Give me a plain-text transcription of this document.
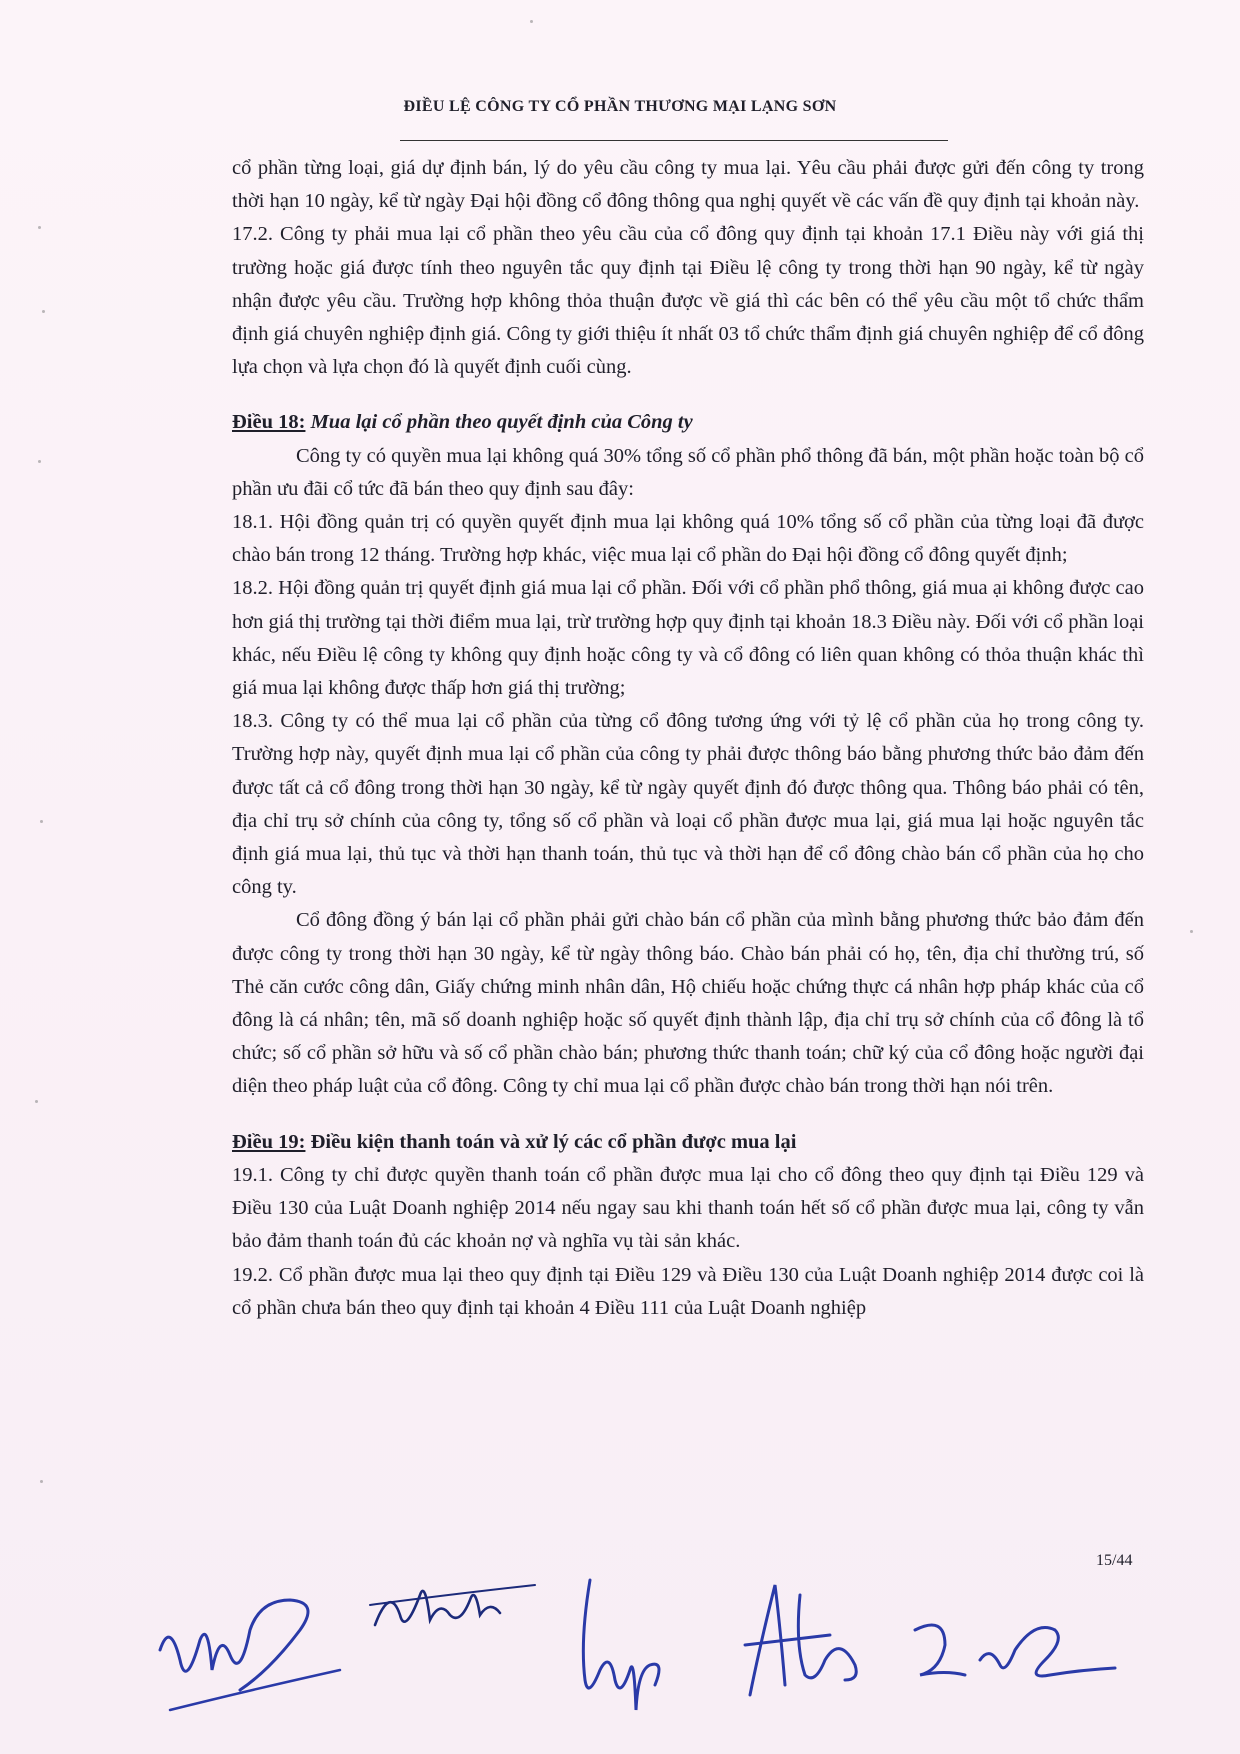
ĐIỀU LỆ CÔNG TY CỔ PHẦN THƯƠNG MẠI LẠNG SƠN

cổ phần từng loại, giá dự định bán, lý do yêu cầu công ty mua lại. Yêu cầu phải được gửi đến công ty trong thời hạn 10 ngày, kể từ ngày Đại hội đồng cổ đông thông qua nghị quyết về các vấn đề quy định tại khoản này.

17.2. Công ty phải mua lại cổ phần theo yêu cầu của cổ đông quy định tại khoản 17.1 Điều này với giá thị trường hoặc giá được tính theo nguyên tắc quy định tại Điều lệ công ty trong thời hạn 90 ngày, kể từ ngày nhận được yêu cầu. Trường hợp không thỏa thuận được về giá thì các bên có thể yêu cầu một tổ chức thẩm định giá chuyên nghiệp định giá. Công ty giới thiệu ít nhất 03 tổ chức thẩm định giá chuyên nghiệp để cổ đông lựa chọn và lựa chọn đó là quyết định cuối cùng.

Điều 18: Mua lại cổ phần theo quyết định của Công ty

Công ty có quyền mua lại không quá 30% tổng số cổ phần phổ thông đã bán, một phần hoặc toàn bộ cổ phần ưu đãi cổ tức đã bán theo quy định sau đây:

18.1. Hội đồng quản trị có quyền quyết định mua lại không quá 10% tổng số cổ phần của từng loại đã được chào bán trong 12 tháng. Trường hợp khác, việc mua lại cổ phần do Đại hội đồng cổ đông quyết định;

18.2. Hội đồng quản trị quyết định giá mua lại cổ phần. Đối với cổ phần phổ thông, giá mua ại không được cao hơn giá thị trường tại thời điểm mua lại, trừ trường hợp quy định tại khoản 18.3 Điều này. Đối với cổ phần loại khác, nếu Điều lệ công ty không quy định hoặc công ty và cổ đông có liên quan không có thỏa thuận khác thì giá mua lại không được thấp hơn giá thị trường;

18.3. Công ty có thể mua lại cổ phần của từng cổ đông tương ứng với tỷ lệ cổ phần của họ trong công ty. Trường hợp này, quyết định mua lại cổ phần của công ty phải được thông báo bằng phương thức bảo đảm đến được tất cả cổ đông trong thời hạn 30 ngày, kể từ ngày quyết định đó được thông qua. Thông báo phải có tên, địa chỉ trụ sở chính của công ty, tổng số cổ phần và loại cổ phần được mua lại, giá mua lại hoặc nguyên tắc định giá mua lại, thủ tục và thời hạn thanh toán, thủ tục và thời hạn để cổ đông chào bán cổ phần của họ cho công ty.

Cổ đông đồng ý bán lại cổ phần phải gửi chào bán cổ phần của mình bằng phương thức bảo đảm đến được công ty trong thời hạn 30 ngày, kể từ ngày thông báo. Chào bán phải có họ, tên, địa chỉ thường trú, số Thẻ căn cước công dân, Giấy chứng minh nhân dân, Hộ chiếu hoặc chứng thực cá nhân hợp pháp khác của cổ đông là cá nhân; tên, mã số doanh nghiệp hoặc số quyết định thành lập, địa chỉ trụ sở chính của cổ đông là tổ chức; số cổ phần sở hữu và số cổ phần chào bán; phương thức thanh toán; chữ ký của cổ đông hoặc người đại diện theo pháp luật của cổ đông. Công ty chỉ mua lại cổ phần được chào bán trong thời hạn nói trên.

Điều 19: Điều kiện thanh toán và xử lý các cổ phần được mua lại

19.1. Công ty chỉ được quyền thanh toán cổ phần được mua lại cho cổ đông theo quy định tại Điều 129 và Điều 130 của Luật Doanh nghiệp 2014 nếu ngay sau khi thanh toán hết số cổ phần được mua lại, công ty vẫn bảo đảm thanh toán đủ các khoản nợ và nghĩa vụ tài sản khác.

19.2. Cổ phần được mua lại theo quy định tại Điều 129 và Điều 130 của Luật Doanh nghiệp 2014 được coi là cổ phần chưa bán theo quy định tại khoản 4 Điều 111 của Luật Doanh nghiệp

15/44
